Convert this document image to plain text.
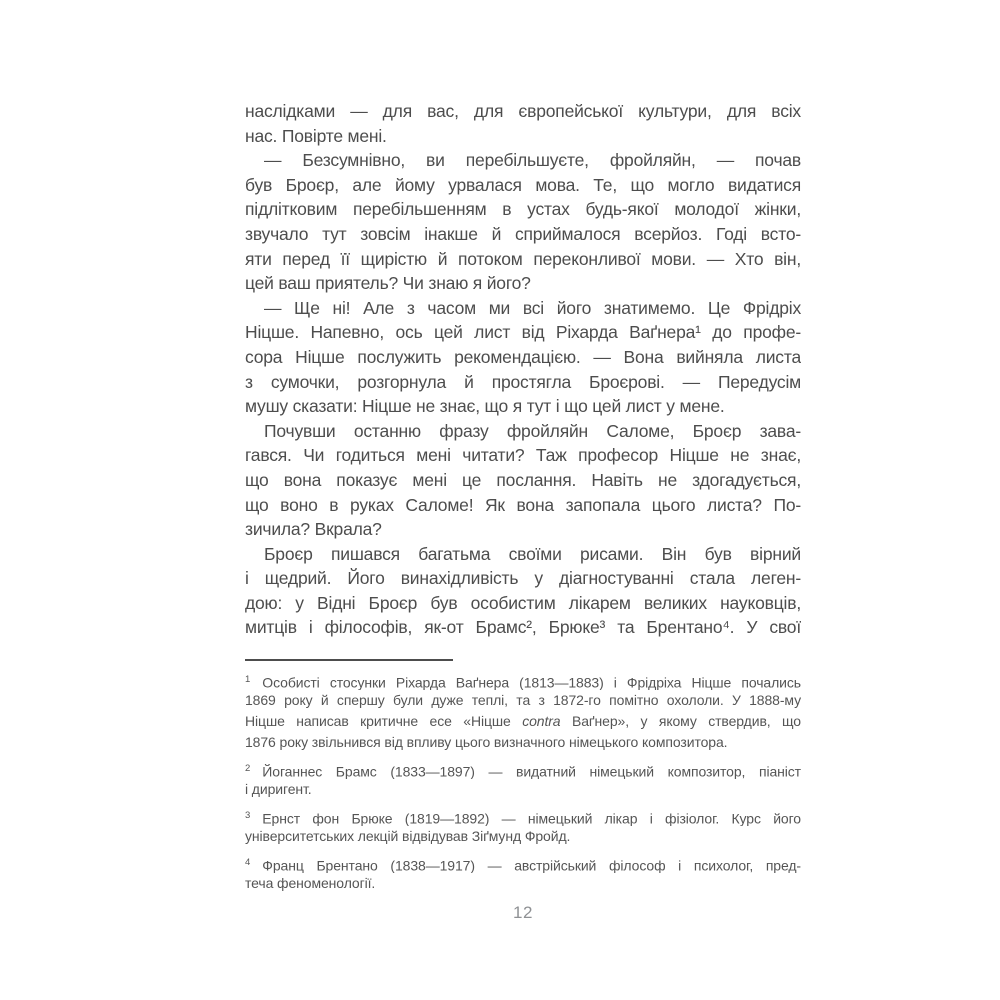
наслідками — для вас, для європейської культури, для всіх
нас. Повірте мені.
— Безсумнівно, ви перебільшуєте, фройляйн, — почав
був Броєр, але йому урвалася мова. Те, що могло видатися
підлітковим перебільшенням в устах будь-якої молодої жінки,
звучало тут зовсім інакше й сприймалося всерйоз. Годі всто-
яти перед її щирістю й потоком переконливої мови. — Хто він,
цей ваш приятель? Чи знаю я його?
— Ще ні! Але з часом ми всі його знатимемо. Це Фрідріх
Ніцше. Напевно, ось цей лист від Ріхарда Ваґнера¹ до профе-
сора Ніцше послужить рекомендацією. — Вона вийняла листа
з сумочки, розгорнула й простягла Броєрові. — Передусім
мушу сказати: Ніцше не знає, що я тут і що цей лист у мене.
Почувши останню фразу фройляйн Саломе, Броєр зава-
гався. Чи годиться мені читати? Таж професор Ніцше не знає,
що вона показує мені це послання. Навіть не здогадується,
що воно в руках Саломе! Як вона запопала цього листа? По-
зичила? Вкрала?
Броєр пишався багатьма своїми рисами. Він був вірний
і щедрий. Його винахідливість у діагностуванні стала леген-
дою: у Відні Броєр був особистим лікарем великих науковців,
митців і філософів, як-от Брамс², Брюке³ та Брентано⁴. У свої
$^1$ Особисті стосунки Ріхарда Ваґнера (1813—1883) і Фрідріха Ніцше почались
1869 року й спершу були дуже теплі, та з 1872-го помітно охололи. У 1888-му
Ніцше написав критичне есе «Ніцше contra Ваґнер», у якому ствердив, що
1876 року звільнився від впливу цього визначного німецького композитора.
$^2$ Йоганнес Брамс (1833—1897) — видатний німецький композитор, піаніст
і диригент.
$^3$ Ернст фон Брюке (1819—1892) — німецький лікар і фізіолог. Курс його
університетських лекцій відвідував Зіґмунд Фройд.
$^4$ Франц Брентано (1838—1917) — австрійський філософ і психолог, пред-
теча феноменології.
12
